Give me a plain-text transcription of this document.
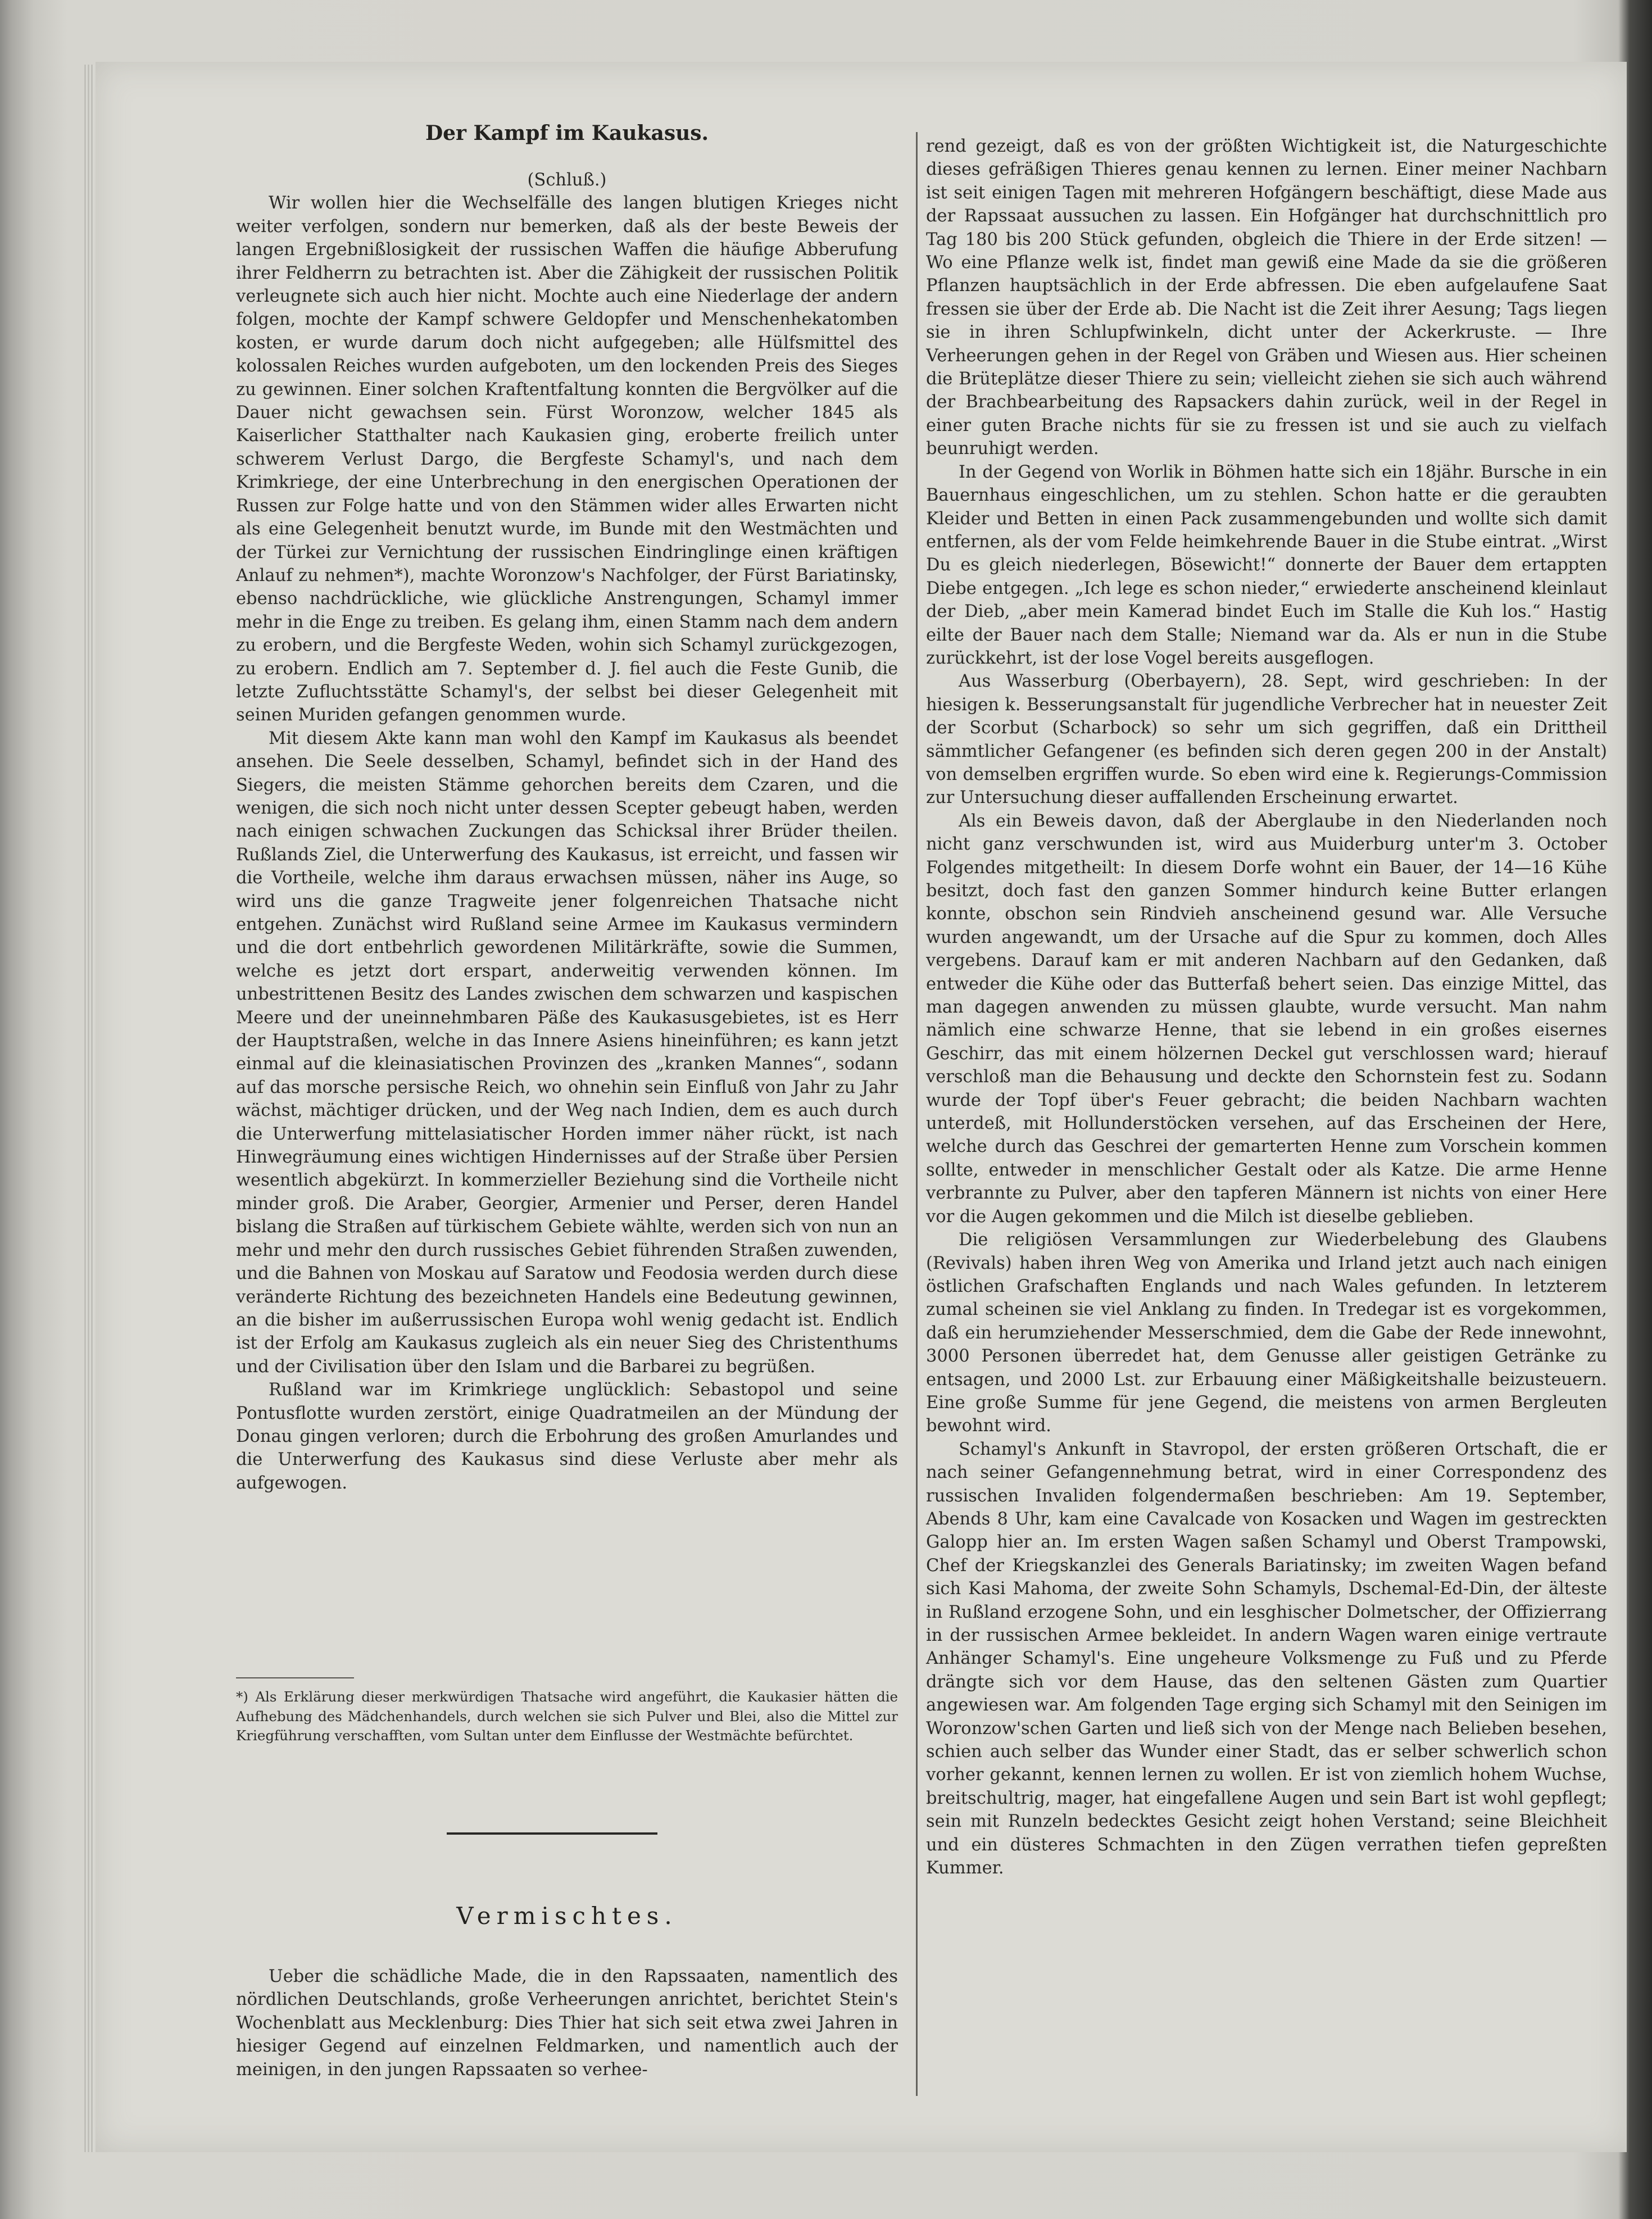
Der Kampf im Kaukasus.

(Schluß.)

Wir wollen hier die Wechselfälle des langen blutigen Krieges nicht weiter verfolgen, sondern nur bemerken, daß als der beste Beweis der langen Ergebnißlosigkeit der russischen Waffen die häufige Abberufung ihrer Feldherrn zu betrachten ist. Aber die Zähigkeit der russischen Politik verleugnete sich auch hier nicht. Mochte auch eine Niederlage der andern folgen, mochte der Kampf schwere Geldopfer und Menschenhekatomben kosten, er wurde darum doch nicht aufgegeben; alle Hülfsmittel des kolossalen Reiches wurden aufgeboten, um den lockenden Preis des Sieges zu gewinnen. Einer solchen Kraftentfaltung konnten die Bergvölker auf die Dauer nicht gewachsen sein. Fürst Woronzow, welcher 1845 als Kaiserlicher Statthalter nach Kaukasien ging, eroberte freilich unter schwerem Verlust Dargo, die Bergfeste Schamyl's, und nach dem Krimkriege, der eine Unterbrechung in den energischen Operationen der Russen zur Folge hatte und von den Stämmen wider alles Erwarten nicht als eine Gelegenheit benutzt wurde, im Bunde mit den Westmächten und der Türkei zur Vernichtung der russischen Eindringlinge einen kräftigen Anlauf zu nehmen*), machte Woronzow's Nachfolger, der Fürst Bariatinsky, ebenso nachdrückliche, wie glückliche Anstrengungen, Schamyl immer mehr in die Enge zu treiben. Es gelang ihm, einen Stamm nach dem andern zu erobern, und die Bergfeste Weden, wohin sich Schamyl zurückgezogen, zu erobern. Endlich am 7. September d. J. fiel auch die Feste Gunib, die letzte Zufluchtsstätte Schamyl's, der selbst bei dieser Gelegenheit mit seinen Muriden gefangen genommen wurde.

Mit diesem Akte kann man wohl den Kampf im Kaukasus als beendet ansehen. Die Seele desselben, Schamyl, befindet sich in der Hand des Siegers, die meisten Stämme gehorchen bereits dem Czaren, und die wenigen, die sich noch nicht unter dessen Scepter gebeugt haben, werden nach einigen schwachen Zuckungen das Schicksal ihrer Brüder theilen. Rußlands Ziel, die Unterwerfung des Kaukasus, ist erreicht, und fassen wir die Vortheile, welche ihm daraus erwachsen müssen, näher ins Auge, so wird uns die ganze Tragweite jener folgenreichen Thatsache nicht entgehen. Zunächst wird Rußland seine Armee im Kaukasus vermindern und die dort entbehrlich gewordenen Militärkräfte, sowie die Summen, welche es jetzt dort erspart, anderweitig verwenden können. Im unbestrittenen Besitz des Landes zwischen dem schwarzen und kaspischen Meere und der uneinnehmbaren Päße des Kaukasusgebietes, ist es Herr der Hauptstraßen, welche in das Innere Asiens hineinführen; es kann jetzt einmal auf die kleinasiatischen Provinzen des „kranken Mannes“, sodann auf das morsche persische Reich, wo ohnehin sein Einfluß von Jahr zu Jahr wächst, mächtiger drücken, und der Weg nach Indien, dem es auch durch die Unterwerfung mittelasiatischer Horden immer näher rückt, ist nach Hinwegräumung eines wichtigen Hindernisses auf der Straße über Persien wesentlich abgekürzt. In kommerzieller Beziehung sind die Vortheile nicht minder groß. Die Araber, Georgier, Armenier und Perser, deren Handel bislang die Straßen auf türkischem Gebiete wählte, werden sich von nun an mehr und mehr den durch russisches Gebiet führenden Straßen zuwenden, und die Bahnen von Moskau auf Saratow und Feodosia werden durch diese veränderte Richtung des bezeichneten Handels eine Bedeutung gewinnen, an die bisher im außerrussischen Europa wohl wenig gedacht ist. Endlich ist der Erfolg am Kaukasus zugleich als ein neuer Sieg des Christenthums und der Civilisation über den Islam und die Barbarei zu begrüßen.

Rußland war im Krimkriege unglücklich: Sebastopol und seine Pontusflotte wurden zerstört, einige Quadratmeilen an der Mündung der Donau gingen verloren; durch die Erbohrung des großen Amurlandes und die Unterwerfung des Kaukasus sind diese Verluste aber mehr als aufgewogen.

*) Als Erklärung dieser merkwürdigen Thatsache wird angeführt, die Kaukasier hätten die Aufhebung des Mädchenhandels, durch welchen sie sich Pulver und Blei, also die Mittel zur Kriegführung verschafften, vom Sultan unter dem Einflusse der Westmächte befürchtet.
Vermischtes.

Ueber die schädliche Made, die in den Rapssaaten, namentlich des nördlichen Deutschlands, große Verheerungen anrichtet, berichtet Stein's Wochenblatt aus Mecklenburg: Dies Thier hat sich seit etwa zwei Jahren in hiesiger Gegend auf einzelnen Feldmarken, und namentlich auch der meinigen, in den jungen Rapssaaten so verhee-

rend gezeigt, daß es von der größten Wichtigkeit ist, die Naturgeschichte dieses gefräßigen Thieres genau kennen zu lernen. Einer meiner Nachbarn ist seit einigen Tagen mit mehreren Hofgängern beschäftigt, diese Made aus der Rapssaat aussuchen zu lassen. Ein Hofgänger hat durchschnittlich pro Tag 180 bis 200 Stück gefunden, obgleich die Thiere in der Erde sitzen! — Wo eine Pflanze welk ist, findet man gewiß eine Made da sie die größeren Pflanzen hauptsächlich in der Erde abfressen. Die eben aufgelaufene Saat fressen sie über der Erde ab. Die Nacht ist die Zeit ihrer Aesung; Tags liegen sie in ihren Schlupfwinkeln, dicht unter der Ackerkruste. — Ihre Verheerungen gehen in der Regel von Gräben und Wiesen aus. Hier scheinen die Brüteplätze dieser Thiere zu sein; vielleicht ziehen sie sich auch während der Brachbearbeitung des Rapsackers dahin zurück, weil in der Regel in einer guten Brache nichts für sie zu fressen ist und sie auch zu vielfach beunruhigt werden.

In der Gegend von Worlik in Böhmen hatte sich ein 18jähr. Bursche in ein Bauernhaus eingeschlichen, um zu stehlen. Schon hatte er die geraubten Kleider und Betten in einen Pack zusammengebunden und wollte sich damit entfernen, als der vom Felde heimkehrende Bauer in die Stube eintrat. „Wirst Du es gleich niederlegen, Bösewicht!“ donnerte der Bauer dem ertappten Diebe entgegen. „Ich lege es schon nieder,“ erwiederte anscheinend kleinlaut der Dieb, „aber mein Kamerad bindet Euch im Stalle die Kuh los.“ Hastig eilte der Bauer nach dem Stalle; Niemand war da. Als er nun in die Stube zurückkehrt, ist der lose Vogel bereits ausgeflogen.

Aus Wasserburg (Oberbayern), 28. Sept, wird geschrieben: In der hiesigen k. Besserungsanstalt für jugendliche Verbrecher hat in neuester Zeit der Scorbut (Scharbock) so sehr um sich gegriffen, daß ein Drittheil sämmtlicher Gefangener (es befinden sich deren gegen 200 in der Anstalt) von demselben ergriffen wurde. So eben wird eine k. Regierungs-Commission zur Untersuchung dieser auffallenden Erscheinung erwartet.

Als ein Beweis davon, daß der Aberglaube in den Niederlanden noch nicht ganz verschwunden ist, wird aus Muiderburg unter'm 3. October Folgendes mitgetheilt: In diesem Dorfe wohnt ein Bauer, der 14—16 Kühe besitzt, doch fast den ganzen Sommer hindurch keine Butter erlangen konnte, obschon sein Rindvieh anscheinend gesund war. Alle Versuche wurden angewandt, um der Ursache auf die Spur zu kommen, doch Alles vergebens. Darauf kam er mit anderen Nachbarn auf den Gedanken, daß entweder die Kühe oder das Butterfaß behert seien. Das einzige Mittel, das man dagegen anwenden zu müssen glaubte, wurde versucht. Man nahm nämlich eine schwarze Henne, that sie lebend in ein großes eisernes Geschirr, das mit einem hölzernen Deckel gut verschlossen ward; hierauf verschloß man die Behausung und deckte den Schornstein fest zu. Sodann wurde der Topf über's Feuer gebracht; die beiden Nachbarn wachten unterdeß, mit Hollunderstöcken versehen, auf das Erscheinen der Here, welche durch das Geschrei der gemarterten Henne zum Vorschein kommen sollte, entweder in menschlicher Gestalt oder als Katze. Die arme Henne verbrannte zu Pulver, aber den tapferen Männern ist nichts von einer Here vor die Augen gekommen und die Milch ist dieselbe geblieben.

Die religiösen Versammlungen zur Wiederbelebung des Glaubens (Revivals) haben ihren Weg von Amerika und Irland jetzt auch nach einigen östlichen Grafschaften Englands und nach Wales gefunden. In letzterem zumal scheinen sie viel Anklang zu finden. In Tredegar ist es vorgekommen, daß ein herumziehender Messerschmied, dem die Gabe der Rede innewohnt, 3000 Personen überredet hat, dem Genusse aller geistigen Getränke zu entsagen, und 2000 Lst. zur Erbauung einer Mäßigkeitshalle beizusteuern. Eine große Summe für jene Gegend, die meistens von armen Bergleuten bewohnt wird.

Schamyl's Ankunft in Stavropol, der ersten größeren Ortschaft, die er nach seiner Gefangennehmung betrat, wird in einer Correspondenz des russischen Invaliden folgendermaßen beschrieben: Am 19. September, Abends 8 Uhr, kam eine Cavalcade von Kosacken und Wagen im gestreckten Galopp hier an. Im ersten Wagen saßen Schamyl und Oberst Trampowski, Chef der Kriegskanzlei des Generals Bariatinsky; im zweiten Wagen befand sich Kasi Mahoma, der zweite Sohn Schamyls, Dschemal-Ed-Din, der älteste in Rußland erzogene Sohn, und ein lesghischer Dolmetscher, der Offizierrang in der russischen Armee bekleidet. In andern Wagen waren einige vertraute Anhänger Schamyl's. Eine ungeheure Volksmenge zu Fuß und zu Pferde drängte sich vor dem Hause, das den seltenen Gästen zum Quartier angewiesen war. Am folgenden Tage erging sich Schamyl mit den Seinigen im Woronzow'schen Garten und ließ sich von der Menge nach Belieben besehen, schien auch selber das Wunder einer Stadt, das er selber schwerlich schon vorher gekannt, kennen lernen zu wollen. Er ist von ziemlich hohem Wuchse, breitschultrig, mager, hat eingefallene Augen und sein Bart ist wohl gepflegt; sein mit Runzeln bedecktes Gesicht zeigt hohen Verstand; seine Bleichheit und ein düsteres Schmachten in den Zügen verrathen tiefen gepreßten Kummer.
